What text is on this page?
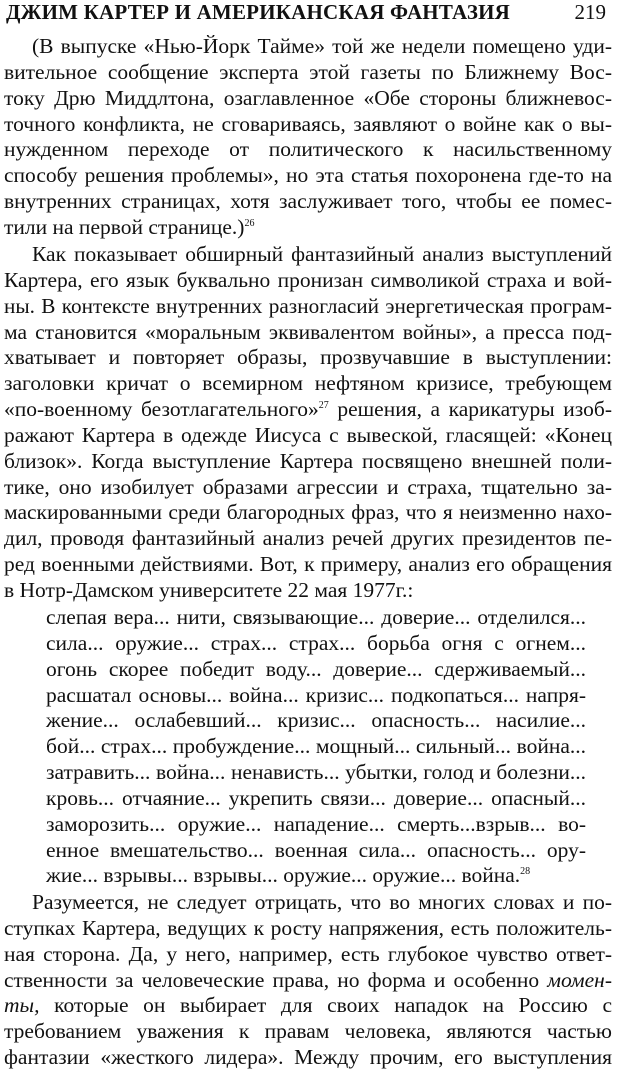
ДЖИМ КАРТЕР И АМЕРИКАНСКАЯ ФАНТАЗИЯ	219
(В выпуске «Нью-Йорк Тайме» той же недели помещено уди-
вительное сообщение эксперта этой газеты по Ближнему Вос-
току Дрю Миддлтона, озаглавленное «Обе стороны ближневос-
точного конфликта, не сговариваясь, заявляют о войне как о вы-
нужденном переходе от политического к насильственному
способу решения проблемы», но эта статья похоронена где-то на
внутренних страницах, хотя заслуживает того, чтобы ее помес-
тили на первой странице.)$^{26}$
Как показывает обширный фантазийный анализ выступлений
Картера, его язык буквально пронизан символикой страха и вой-
ны. В контексте внутренних разногласий энергетическая програм-
ма становится «моральным эквивалентом войны», а пресса под-
хватывает и повторяет образы, прозвучавшие в выступлении:
заголовки кричат о всемирном нефтяном кризисе, требующем
«по-военному безотлагательного»$^{27}$ решения, а карикатуры изоб-
ражают Картера в одежде Иисуса с вывеской, гласящей: «Конец
близок». Когда выступление Картера посвящено внешней поли-
тике, оно изобилует образами агрессии и страха, тщательно за-
маскированными среди благородных фраз, что я неизменно нахо-
дил, проводя фантазийный анализ речей других президентов пе-
ред военными действиями. Вот, к примеру, анализ его обращения
в Нотр-Дамском университете 22 мая 1977г.:
слепая вера... нити, связывающие... доверие... отделился...
сила... оружие... страх... страх... борьба огня с огнем...
огонь скорее победит воду... доверие... сдерживаемый...
расшатал основы... война... кризис... подкопаться... напря-
жение... ослабевший... кризис... опасность... насилие...
бой... страх... пробуждение... мощный... сильный... война...
затравить... война... ненависть... убытки, голод и болезни...
кровь... отчаяние... укрепить связи... доверие... опасный...
заморозить... оружие... нападение... смерть...взрыв... во-
енное вмешательство... военная сила... опасность... ору-
жие... взрывы... взрывы... оружие... оружие... война.$^{28}$
Разумеется, не следует отрицать, что во многих словах и по-
ступках Картера, ведущих к росту напряжения, есть положитель-
ная сторона. Да, у него, например, есть глубокое чувство ответ-
ственности за человеческие права, но форма и особенно момен-
ты, которые он выбирает для своих нападок на Россию с
требованием уважения к правам человека, являются частью
фантазии «жесткого лидера». Между прочим, его выступления
